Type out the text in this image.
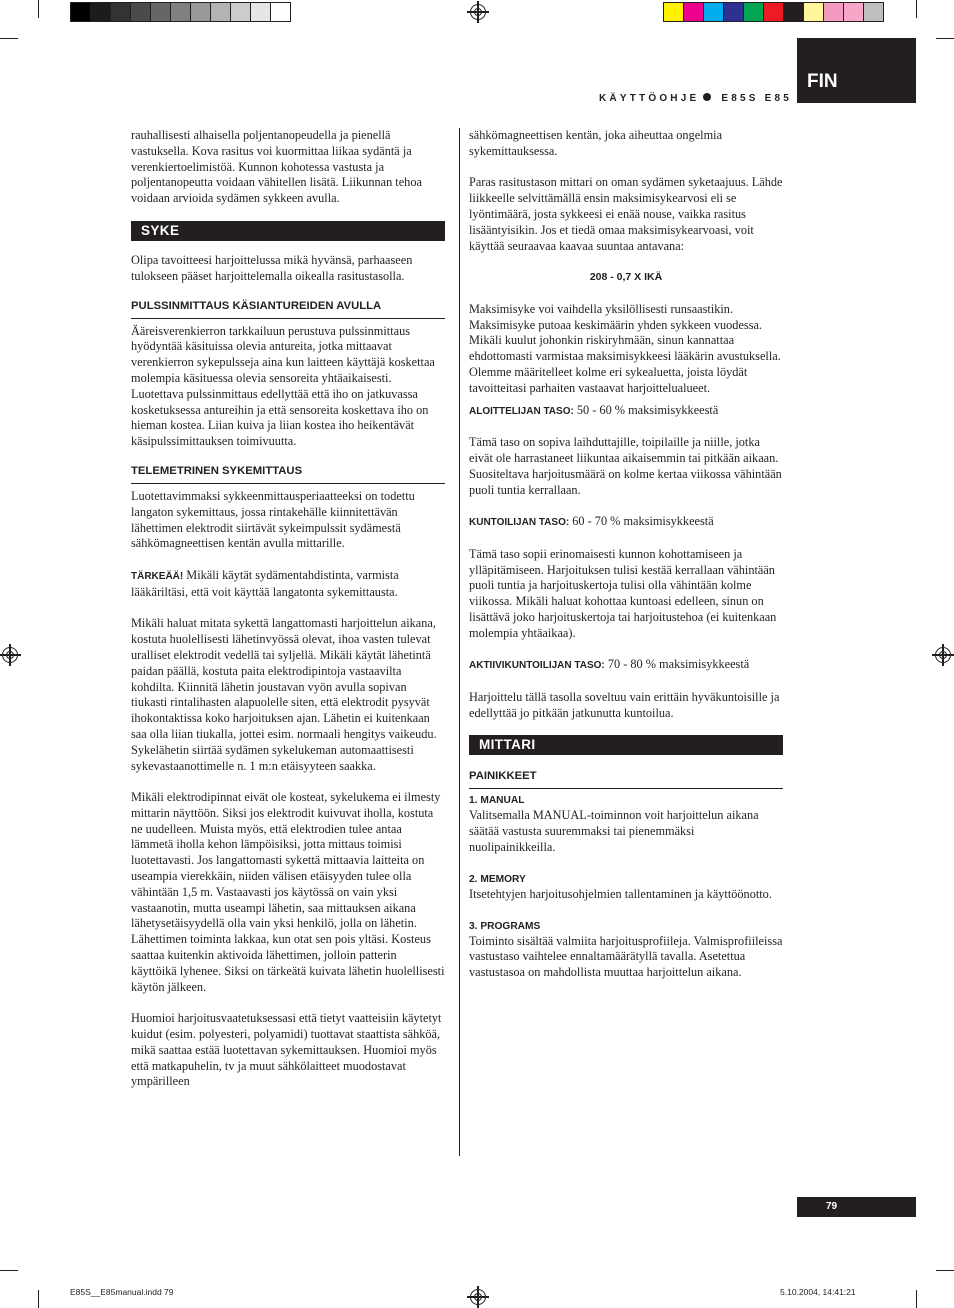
FIN
KÄYTTÖOHJE E85S E85

rauhallisesti alhaisella poljentanopeudella ja pienellä vastuksella. Kova rasitus voi kuormittaa liikaa sydäntä ja verenkiertoelimistöä. Kunnon kohotessa vastusta ja poljentanopeutta voidaan vähitellen lisätä. Liikunnan tehoa voidaan arvioida sydämen sykkeen avulla.

SYKE

Olipa tavoitteesi harjoittelussa mikä hyvänsä, parhaaseen tulokseen pääset harjoittelemalla oikealla rasitustasolla.

PULSSINMITTAUS KÄSIANTUREIDEN AVULLA

Ääreisverenkierron tarkkailuun perustuva pulssinmittaus hyödyntää käsituissa olevia antureita, jotka mittaavat verenkierron sykepulsseja aina kun laitteen käyttäjä koskettaa molempia käsituessa olevia sensoreita yhtäaikaisesti. Luotettava pulssinmittaus edellyttää että iho on jatkuvassa kosketuksessa antureihin ja että sensoreita koskettava iho on hieman kostea. Liian kuiva ja liian kostea iho heikentävät käsipulssimittauksen toimivuutta.

TELEMETRINEN SYKEMITTAUS

Luotettavimmaksi sykkeenmittausperiaatteeksi on todettu langaton sykemittaus, jossa rintakehälle kiinnitettävän lähettimen elektrodit siirtävät sykeimpulssit sydämestä sähkömagneettisen kentän avulla mittarille.

TÄRKEÄÄ! Mikäli käytät sydämentahdistinta, varmista lääkäriltäsi, että voit käyttää langatonta sykemittausta.

Mikäli haluat mitata sykettä langattomasti harjoittelun aikana, kostuta huolellisesti lähetinvyössä olevat, ihoa vasten tulevat uralliset elektrodit vedellä tai syljellä. Mikäli käytät lähetintä paidan päällä, kostuta paita elektrodipintoja vastaavilta kohdilta. Kiinnitä lähetin joustavan vyön avulla sopivan tiukasti rintalihasten alapuolelle siten, että elektrodit pysyvät ihokontaktissa koko harjoituksen ajan. Lähetin ei kuitenkaan saa olla liian tiukalla, jottei esim. normaali hengitys vaikeudu. Sykelähetin siirtää sydämen sykelukeman automaattisesti sykevastaanottimelle n. 1 m:n etäisyyteen saakka.

Mikäli elektrodipinnat eivät ole kosteat, sykelukema ei ilmesty mittarin näyttöön. Siksi jos elektrodit kuivuvat iholla, kostuta ne uudelleen. Muista myös, että elektrodien tulee antaa lämmetä iholla kehon lämpöisiksi, jotta mittaus toimisi luotettavasti. Jos langattomasti sykettä mittaavia laitteita on useampia vierekkäin, niiden välisen etäisyyden tulee olla vähintään 1,5 m. Vastaavasti jos käytössä on vain yksi vastaanotin, mutta useampi lähetin, saa mittauksen aikana lähetysetäisyydellä olla vain yksi henkilö, jolla on lähetin. Lähettimen toiminta lakkaa, kun otat sen pois yltäsi. Kosteus saattaa kuitenkin aktivoida lähettimen, jolloin patterin käyttöikä lyhenee. Siksi on tärkeätä kuivata lähetin huolellisesti käytön jälkeen.

Huomioi harjoitusvaatetuksessasi että tietyt vaatteisiin käytetyt kuidut (esim. polyesteri, polyamidi) tuottavat staattista sähköä, mikä saattaa estää luotettavan sykemittauksen. Huomioi myös että matkapuhelin, tv ja muut sähkölaitteet muodostavat ympärilleen

sähkömagneettisen kentän, joka aiheuttaa ongelmia sykemittauksessa.

Paras rasitustason mittari on oman sydämen syketaajuus. Lähde liikkeelle selvittämällä ensin maksimisykearvosi eli se lyöntimäärä, josta sykkeesi ei enää nouse, vaikka rasitus lisääntyisikin. Jos et tiedä omaa maksimisykearvoasi, voit käyttää seuraavaa kaavaa suuntaa antavana:

208 - 0,7 X IKÄ

Maksimisyke voi vaihdella yksilöllisesti runsaastikin. Maksimisyke putoaa keskimäärin yhden sykkeen vuodessa. Mikäli kuulut johonkin riskiryhmään, sinun kannattaa ehdottomasti varmistaa maksimisykkeesi lääkärin avustuksella. Olemme määritelleet kolme eri sykealuetta, joista löydät tavoitteitasi parhaiten vastaavat harjoittelualueet.

ALOITTELIJAN TASO: 50 - 60 % maksimisykkeestä

Tämä taso on sopiva laihduttajille, toipilaille ja niille, jotka eivät ole harrastaneet liikuntaa aikaisemmin tai pitkään aikaan. Suositeltava harjoitusmäärä on kolme kertaa viikossa vähintään puoli tuntia kerrallaan.

KUNTOILIJAN TASO: 60 - 70 % maksimisykkeestä

Tämä taso sopii erinomaisesti kunnon kohottamiseen ja ylläpitämiseen. Harjoituksen tulisi kestää kerrallaan vähintään puoli tuntia ja harjoituskertoja tulisi olla vähintään kolme viikossa. Mikäli haluat kohottaa kuntoasi edelleen, sinun on lisättävä joko harjoituskertoja tai harjoitustehoa (ei kuitenkaan molempia yhtäaikaa).

AKTIIVIKUNTOILIJAN TASO: 70 - 80 % maksimisykkeestä

Harjoittelu tällä tasolla soveltuu vain erittäin hyväkuntoisille ja edellyttää jo pitkään jatkunutta kuntoilua.

MITTARI
PAINIKKEET
1. MANUAL

Valitsemalla MANUAL-toiminnon voit harjoittelun aikana säätää vastusta suuremmaksi tai pienemmäksi nuolipainikkeilla.

2. MEMORY

Itsetehtyjen harjoitusohjelmien tallentaminen ja käyttöönotto.

3. PROGRAMS

Toiminto sisältää valmiita harjoitusprofiileja. Valmisprofiileissa vastustaso vaihtelee ennaltamäärätyllä tavalla. Asetettua vastustasoa on mahdollista muuttaa harjoittelun aikana.

79
E85S__E85manual.indd 79	5.10.2004, 14:41:21
